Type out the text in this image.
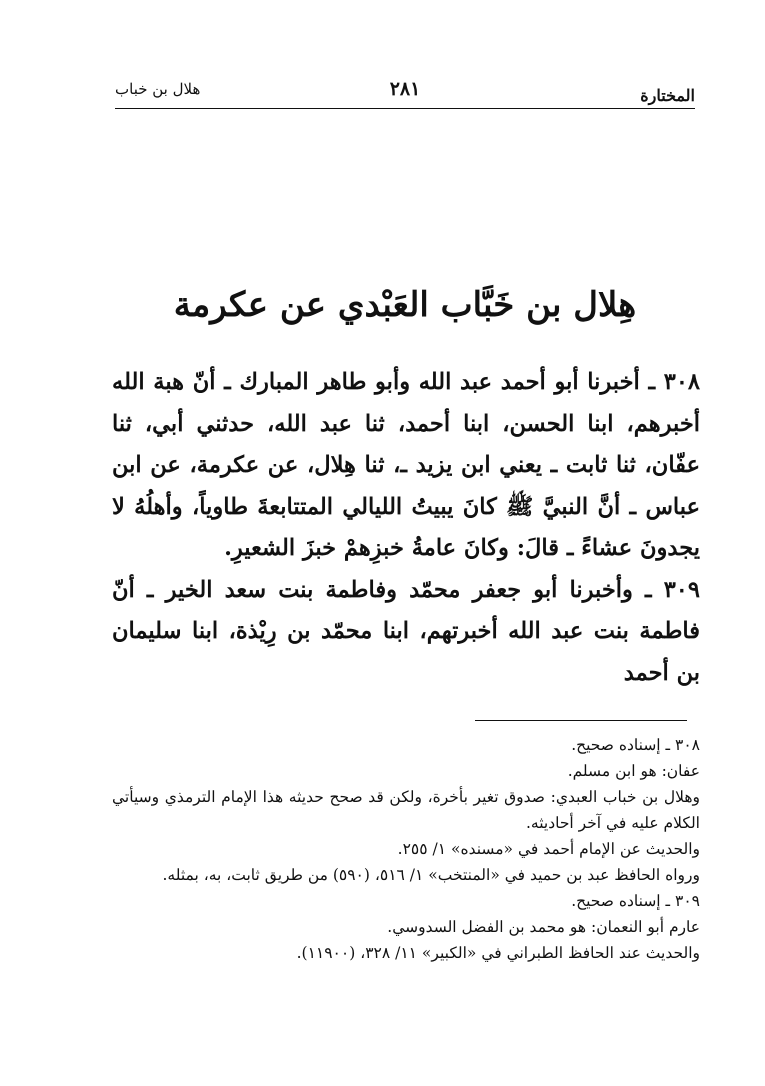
المختارة
٢٨١
هلال بن خباب
هِلال بن خَبَّاب العَبْدي عن عكرمة

٣٠٨ ـ أخبرنا أبو أحمد عبد الله وأبو طاهر المبارك ـ أنّ هبة الله أخبرهم، ابنا الحسن، ابنا أحمد، ثنا عبد الله، حدثني أبي، ثنا عفّان، ثنا ثابت ـ يعني ابن يزيد ـ، ثنا هِلال، عن عكرمة، عن ابن عباس ـ أنَّ النبيَّ ﷺ كانَ يبيتُ الليالي المتتابعةَ طاوياً، وأهلُهُ لا يجدونَ عشاءً ـ قالَ: وكانَ عامةُ خبزِهمْ خبزَ الشعيرِ.

٣٠٩ ـ وأخبرنا أبو جعفر محمّد وفاطمة بنت سعد الخير ـ أنّ فاطمة بنت عبد الله أخبرتهم، ابنا محمّد بن رِيْذة، ابنا سليمان بن أحمد

٣٠٨ ـ إسناده صحيح.

عفان: هو ابن مسلم.

وهلال بن خباب العبدي: صدوق تغير بأخرة، ولكن قد صحح حديثه هذا الإمام الترمذي وسيأتي الكلام عليه في آخر أحاديثه.

والحديث عن الإمام أحمد في «مسنده» ١/ ٢٥٥.

ورواه الحافظ عبد بن حميد في «المنتخب» ١/ ٥١٦، (٥٩٠) من طريق ثابت، به، بمثله.

٣٠٩ ـ إسناده صحيح.

عارم أبو النعمان: هو محمد بن الفضل السدوسي.

والحديث عند الحافظ الطبراني في «الكبير» ١١/ ٣٢٨، (١١٩٠٠).
